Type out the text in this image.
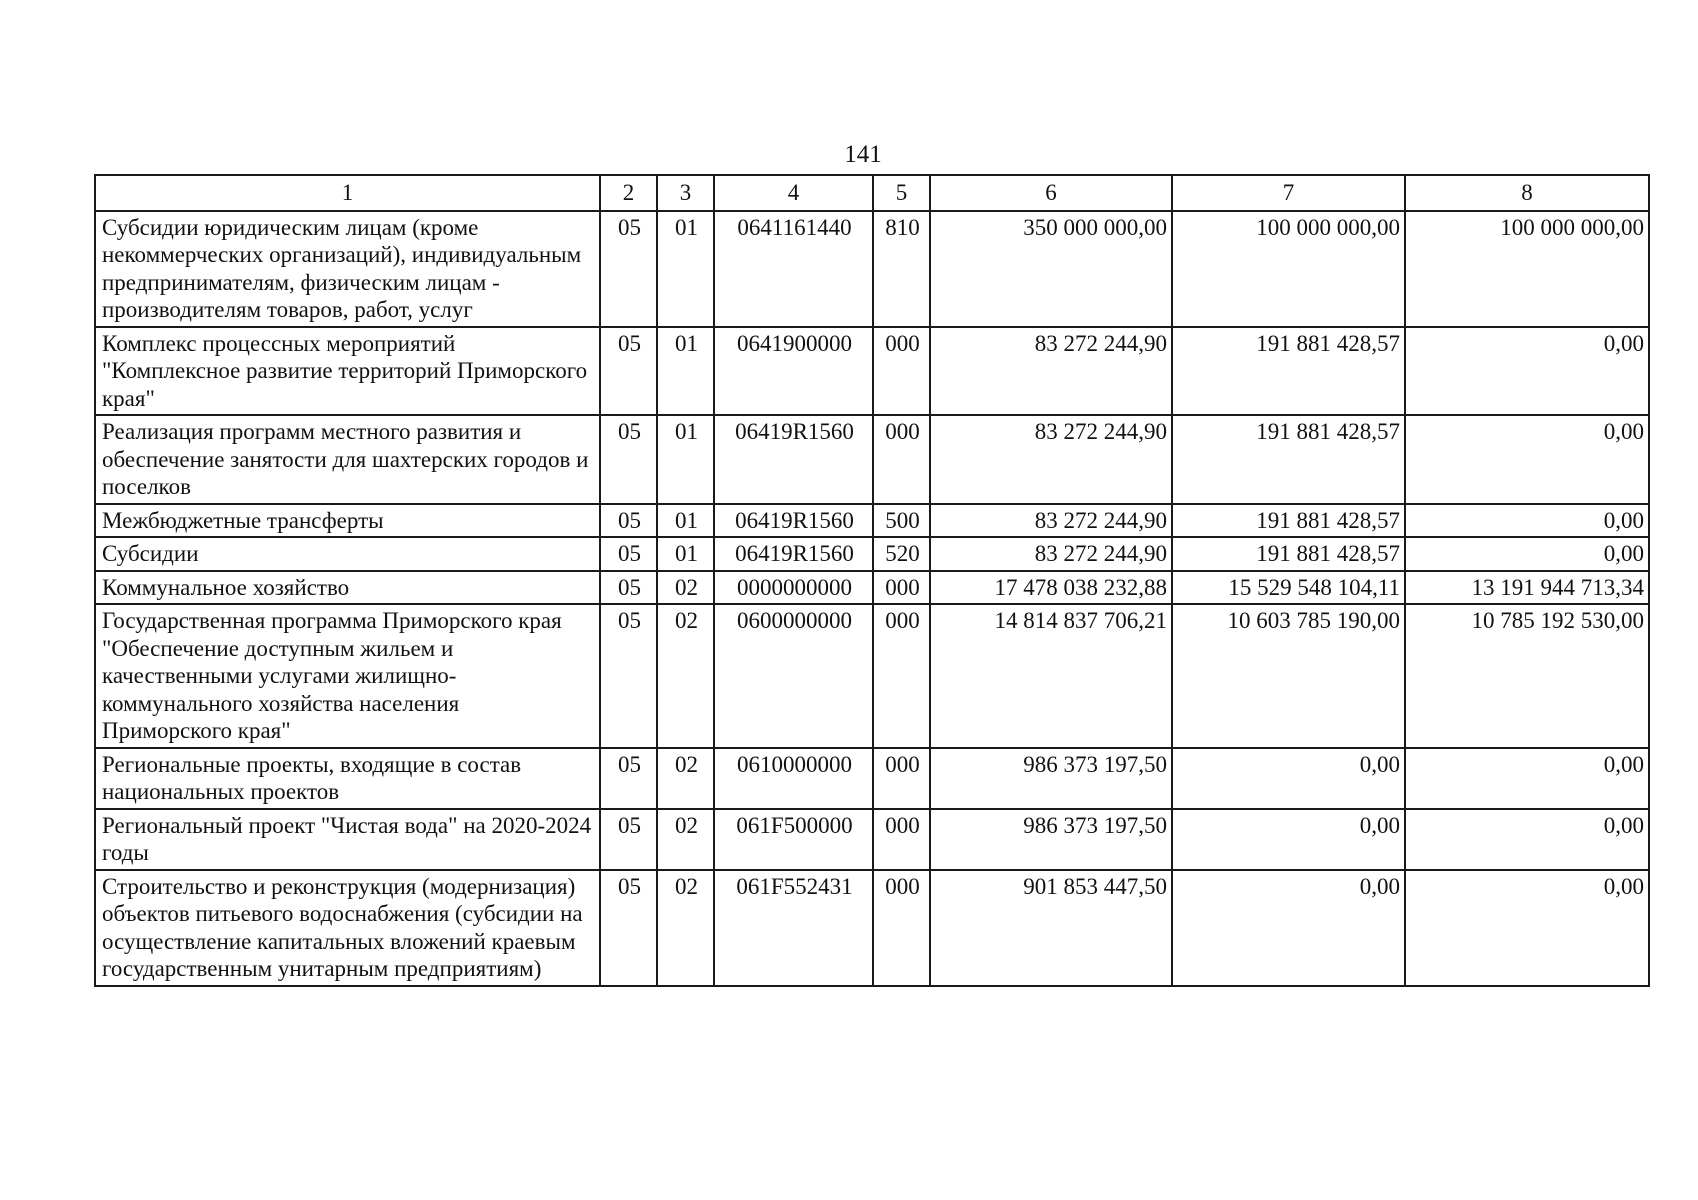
141
1	2	3	4	5	6	7	8
Субсидии юридическим лицам (кроме некоммерческих организаций), индивидуальным предпринимателям, физическим лицам - производителям товаров, работ, услуг	05	01	0641161440	810	350 000 000,00	100 000 000,00	100 000 000,00
Комплекс процессных мероприятий "Комплексное развитие территорий Приморского края"	05	01	0641900000	000	83 272 244,90	191 881 428,57	0,00
Реализация программ местного развития и обеспечение занятости для шахтерских городов и поселков	05	01	06419R1560	000	83 272 244,90	191 881 428,57	0,00
Межбюджетные трансферты	05	01	06419R1560	500	83 272 244,90	191 881 428,57	0,00
Субсидии	05	01	06419R1560	520	83 272 244,90	191 881 428,57	0,00
Коммунальное хозяйство	05	02	0000000000	000	17 478 038 232,88	15 529 548 104,11	13 191 944 713,34
Государственная программа Приморского края "Обеспечение доступным жильем и качественными услугами жилищно-коммунального хозяйства населения Приморского края"	05	02	0600000000	000	14 814 837 706,21	10 603 785 190,00	10 785 192 530,00
Региональные проекты, входящие в состав национальных проектов	05	02	0610000000	000	986 373 197,50	0,00	0,00
Региональный проект "Чистая вода" на 2020-2024 годы	05	02	061F500000	000	986 373 197,50	0,00	0,00
Строительство и реконструкция (модернизация) объектов питьевого водоснабжения (субсидии на осуществление капитальных вложений краевым государственным унитарным предприятиям)	05	02	061F552431	000	901 853 447,50	0,00	0,00
